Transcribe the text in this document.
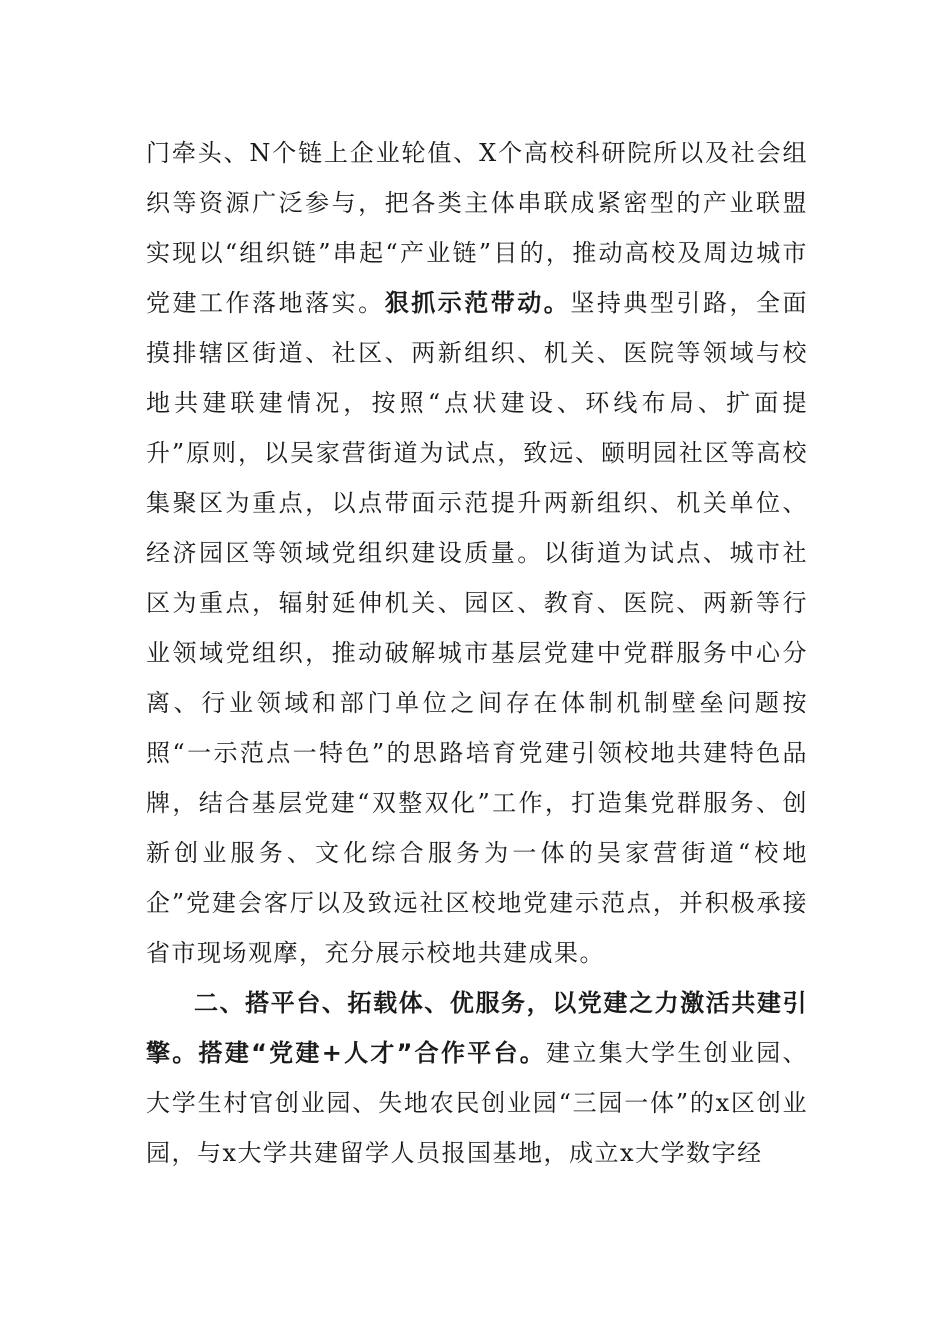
门牵头、N个链上企业轮值、X个高校科研院所以及社会组织等资源广泛参与，把各类主体串联成紧密型的产业联盟实现以“组织链”串起“产业链”目的，推动高校及周边城市党建工作落地落实。狠抓示范带动。坚持典型引路，全面摸排辖区街道、社区、两新组织、机关、医院等领域与校地共建联建情况，按照“点状建设、环线布局、扩面提升”原则，以吴家营街道为试点，致远、颐明园社区等高校集聚区为重点，以点带面示范提升两新组织、机关单位、经济园区等领域党组织建设质量。以街道为试点、城市社区为重点，辐射延伸机关、园区、教育、医院、两新等行业领域党组织，推动破解城市基层党建中党群服务中心分离、行业领域和部门单位之间存在体制机制壁垒问题按照“一示范点一特色”的思路培育党建引领校地共建特色品牌，结合基层党建“双整双化”工作，打造集党群服务、创新创业服务、文化综合服务为一体的吴家营街道“校地企”党建会客厅以及致远社区校地党建示范点，并积极承接省市现场观摩，充分展示校地共建成果。

二、搭平台、拓载体、优服务，以党建之力激活共建引擎。搭建“党建+人才”合作平台。建立集大学生创业园、大学生村官创业园、失地农民创业园“三园一体”的x区创业园，与x大学共建留学人员报国基地，成立x大学数字经
